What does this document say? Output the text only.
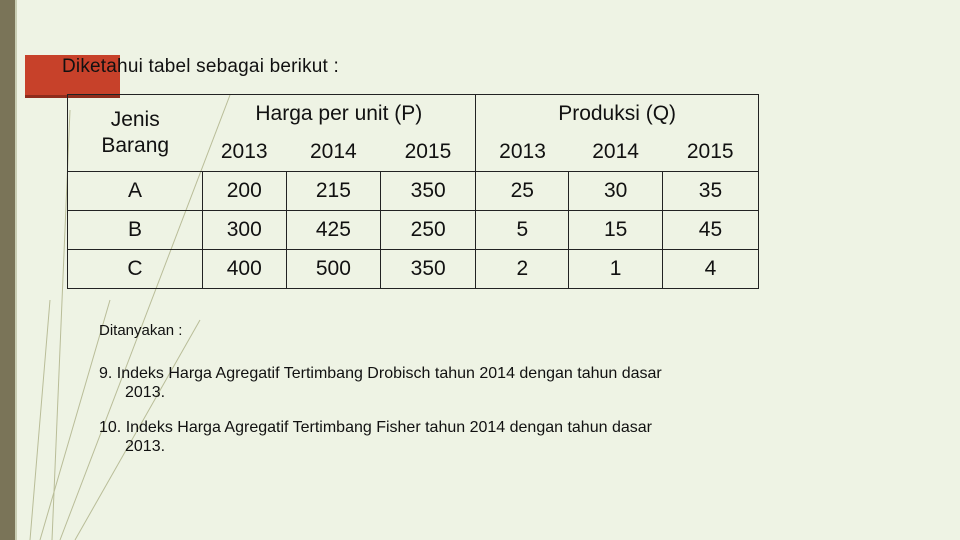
Diketahui tabel sebagai berikut :
Jenis
Barang	Harga per unit (P)			Produksi (Q)		
	2013	2014	2015	2013	2014	2015
A	200	215	350	25	30	35
B	300	425	250	5	15	45
C	400	500	350	2	1	4
Ditanyakan :
9. Indeks Harga Agregatif Tertimbang Drobisch tahun 2014 dengan tahun dasar
2013.
10. Indeks Harga Agregatif Tertimbang Fisher tahun 2014 dengan tahun dasar
2013.
